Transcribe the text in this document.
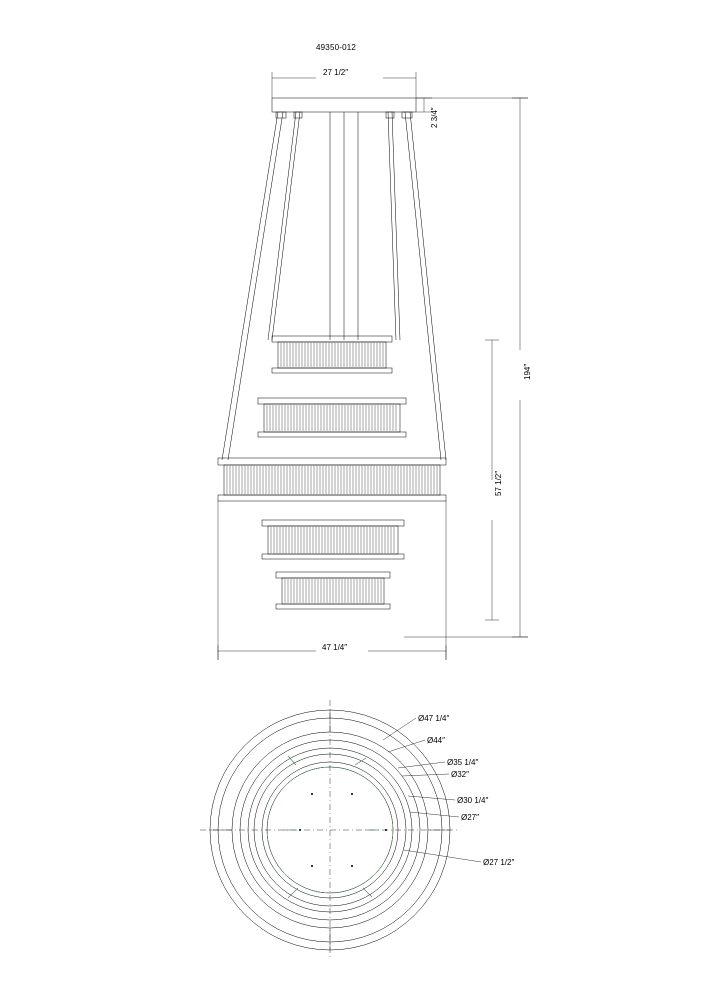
49350-012
27 1/2″
2 3/4″
194″
57 1/2″
47 1/4″
Ø47 1/4″
Ø44″
Ø35 1/4″
Ø32″
Ø30 1/4″
Ø27″
Ø27 1/2″
